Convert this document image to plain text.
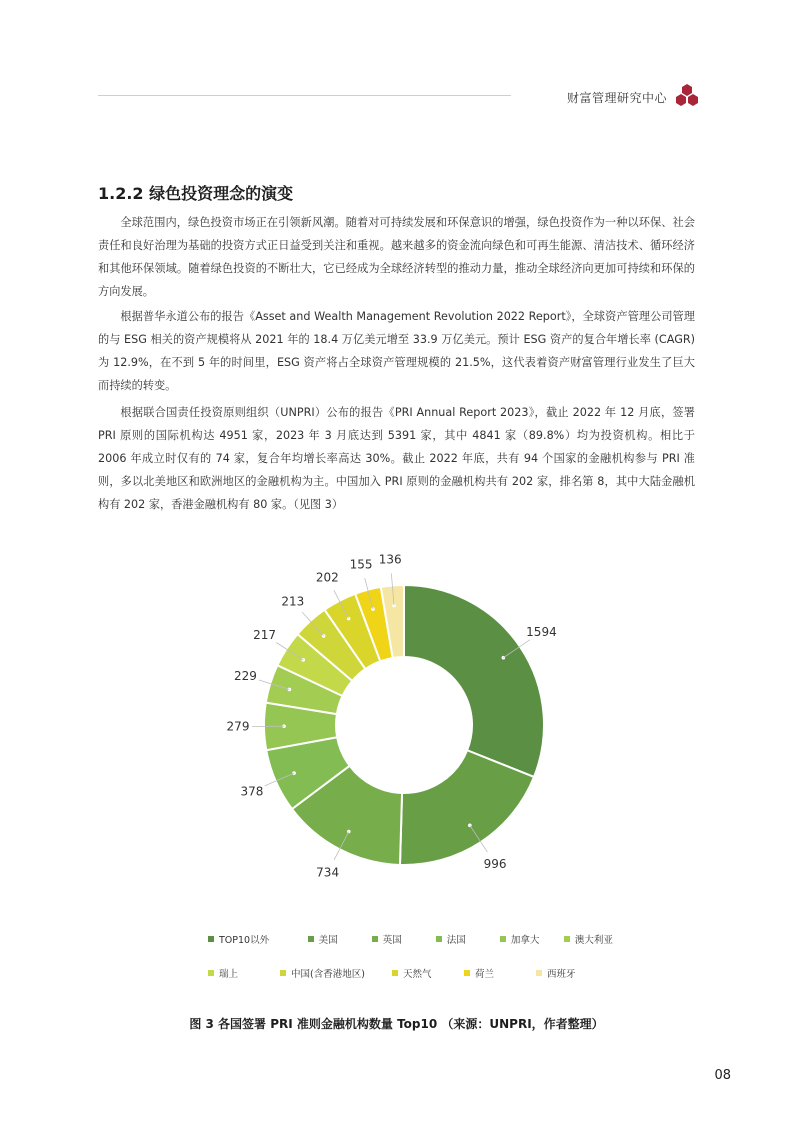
财富管理研究中心
1.2.2 绿色投资理念的演变

全球范围内，绿色投资市场正在引领新风潮。随着对可持续发展和环保意识的增强，绿色投资作为一种以环保、社会责任和良好治理为基础的投资方式正日益受到关注和重视。越来越多的资金流向绿色和可再生能源、清洁技术、循环经济和其他环保领域。随着绿色投资的不断壮大，它已经成为全球经济转型的推动力量，推动全球经济向更加可持续和环保的方向发展。

根据普华永道公布的报告《Asset and Wealth Management Revolution 2022 Report》，全球资产管理公司管理的与 ESG 相关的资产规模将从 2021 年的 18.4 万亿美元增至 33.9 万亿美元。预计 ESG 资产的复合年增长率 (CAGR) 为 12.9%，在不到 5 年的时间里，ESG 资产将占全球资产管理规模的 21.5%，这代表着资产财富管理行业发生了巨大而持续的转变。

根据联合国责任投资原则组织（UNPRI）公布的报告《PRI Annual Report 2023》，截止 2022 年 12 月底，签署 PRI 原则的国际机构达 4951 家，2023 年 3 月底达到 5391 家，其中 4841 家（89.8%）均为投资机构。相比于 2006 年成立时仅有的 74 家，复合年均增长率高达 30%。截止 2022 年底，共有 94 个国家的金融机构参与 PRI 准则，多以北美地区和欧洲地区的金融机构为主。中国加入 PRI 原则的金融机构共有 202 家，排名第 8，其中大陆金融机构有 202 家，香港金融机构有 80 家。（见图 3）

1594
996
734
378
279
229
217
213
202
155 136
TOP10以外	美国	英国	法国	加拿大	澳大利亚
瑞上	中国(含香港地区)	天然气	荷兰	西班牙
图 3 各国签署 PRI 准则金融机构数量 Top10 （来源：UNPRI，作者整理）
08
